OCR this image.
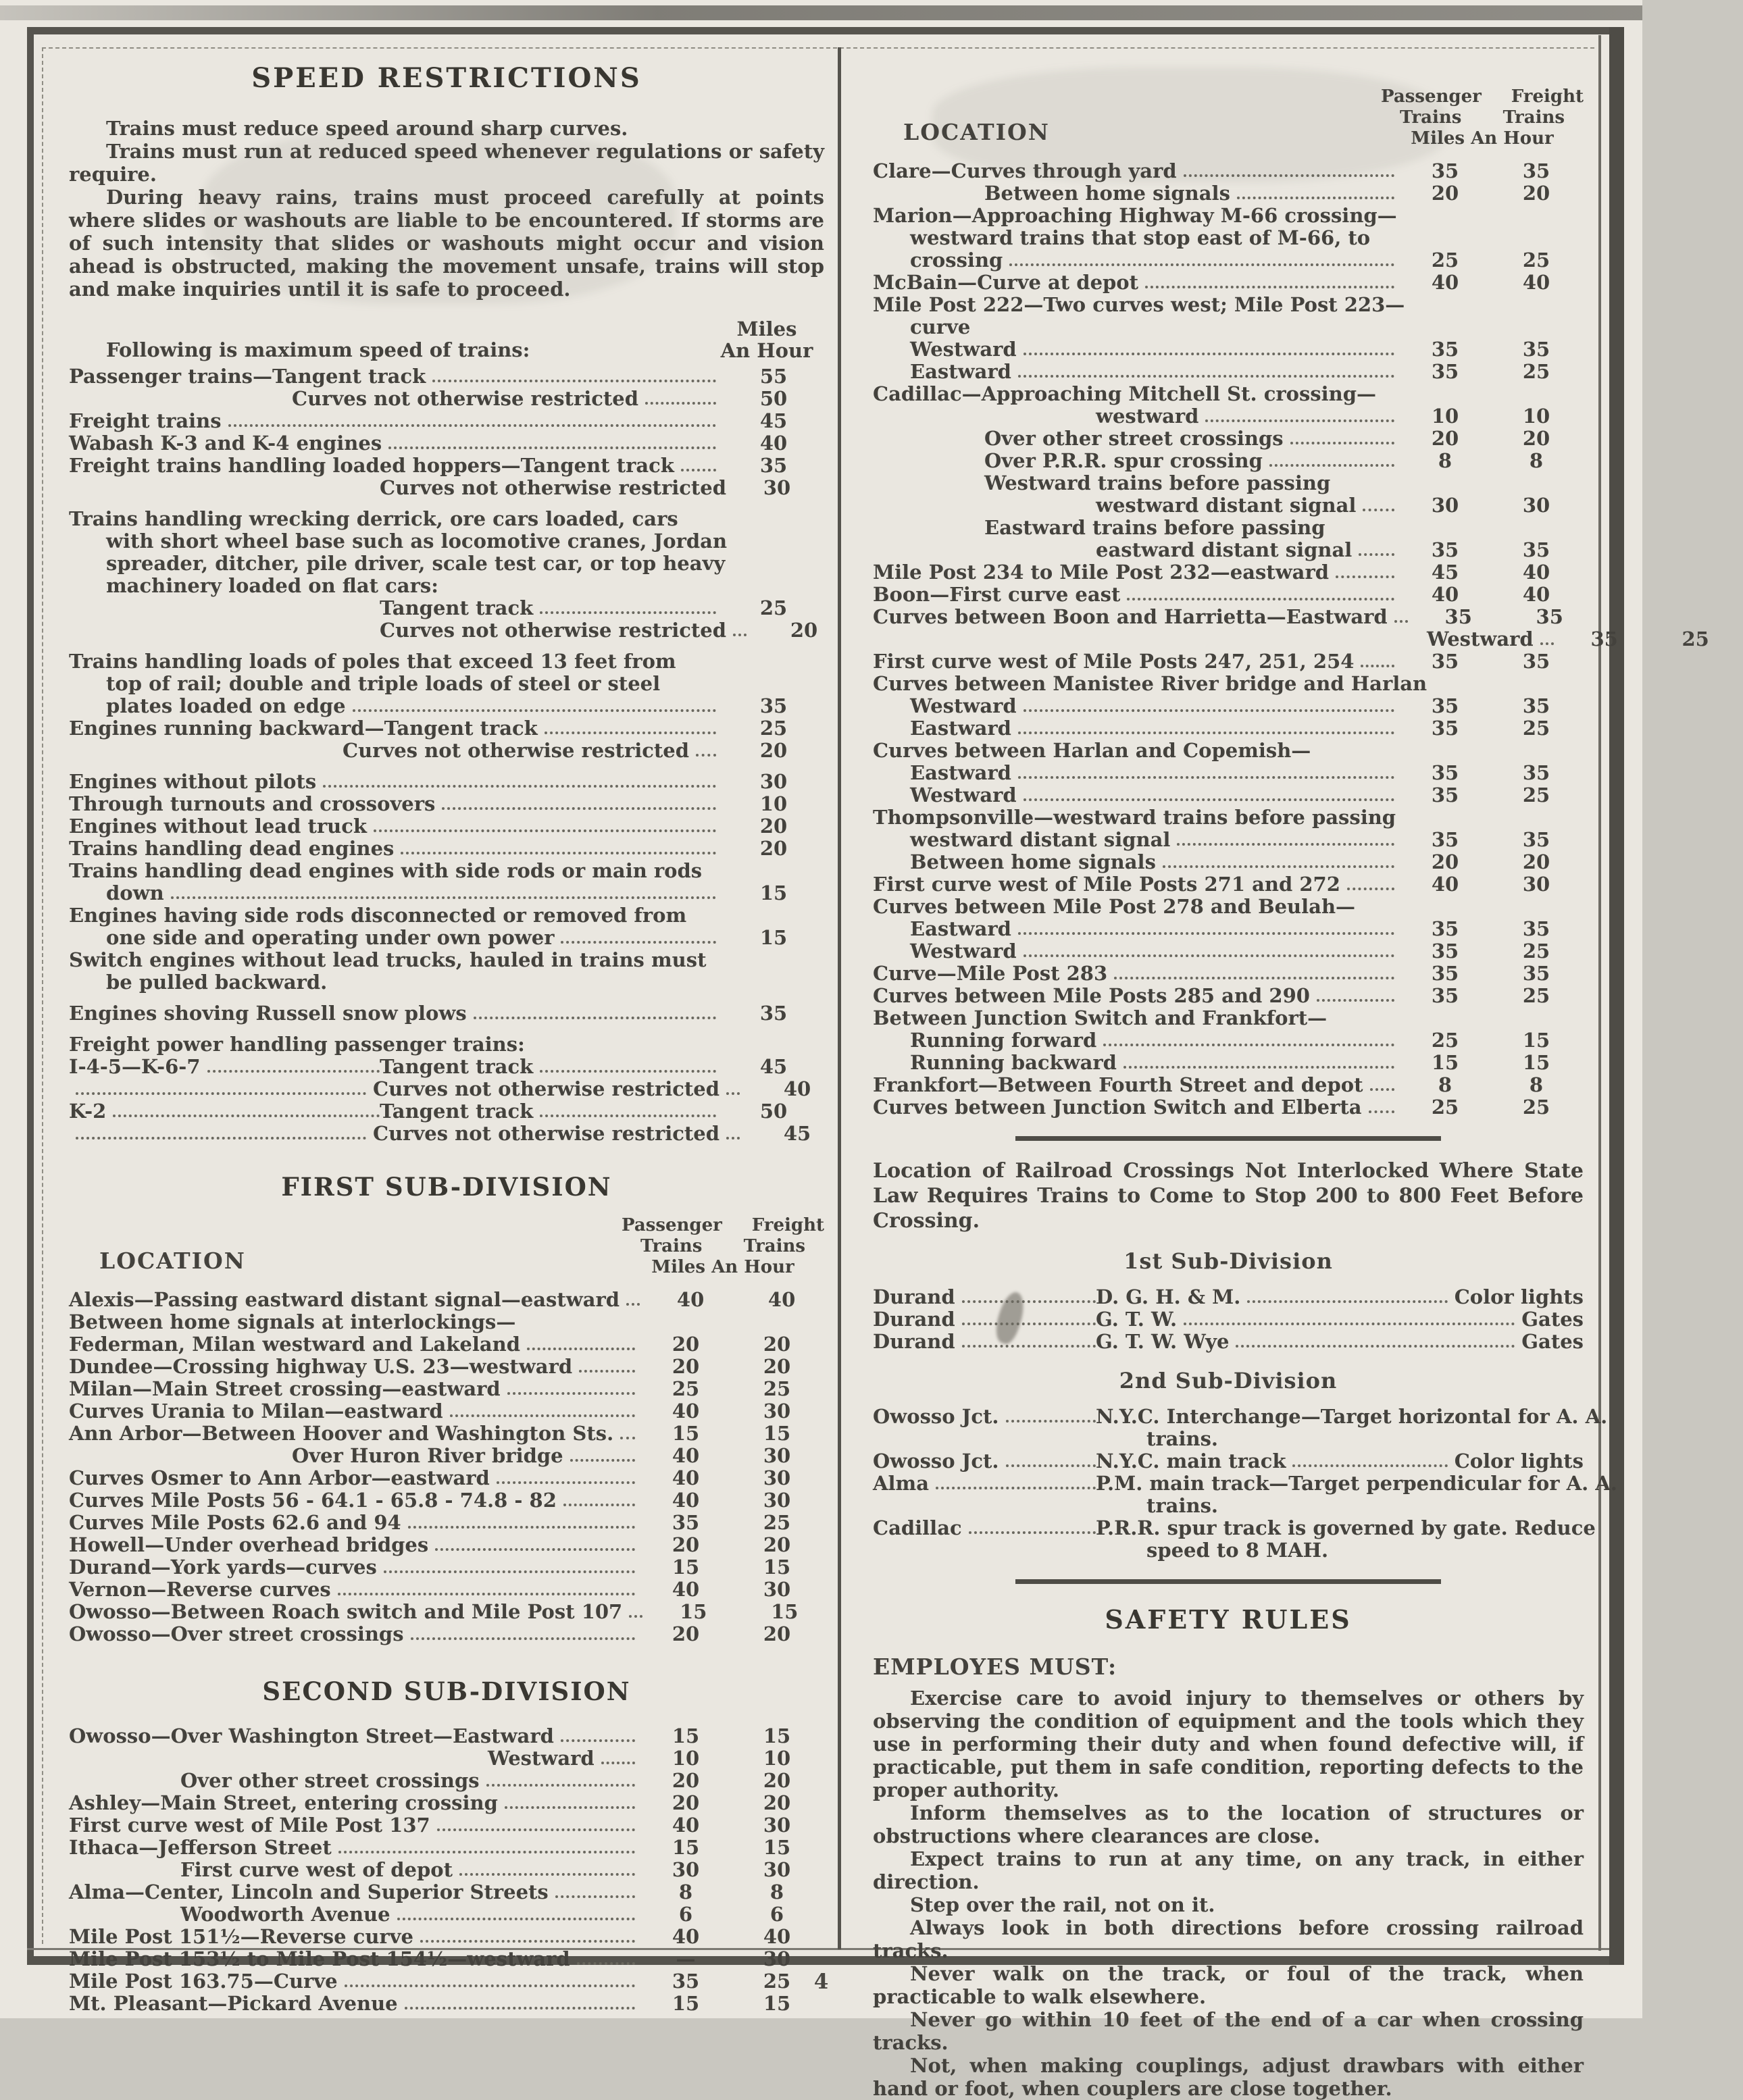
SPEED RESTRICTIONS

Trains must reduce speed around sharp curves.

Trains must run at reduced speed whenever regulations or safety require.

During heavy rains, trains must proceed carefully at points where slides or washouts are liable to be encountered. If storms are of such intensity that slides or washouts might occur and vision ahead is obstructed, making the movement unsafe, trains will stop and make inquiries until it is safe to proceed.

Following is maximum speed of trains:
Miles
An Hour
Passenger trains—Tangent track	55
Curves not otherwise restricted	50
Freight trains	45
Wabash K-3 and K-4 engines	40
Freight trains handling loaded hoppers—Tangent track	35
Curves not otherwise restricted	30
Trains handling wrecking derrick, ore cars loaded, cars
with short wheel base such as locomotive cranes, Jordan
spreader, ditcher, pile driver, scale test car, or top heavy
machinery loaded on flat cars:
Tangent track	25
Curves not otherwise restricted	20
Trains handling loads of poles that exceed 13 feet from
top of rail; double and triple loads of steel or steel
plates loaded on edge	35
Engines running backward—Tangent track	25
Curves not otherwise restricted	20
Engines without pilots	30
Through turnouts and crossovers	10
Engines without lead truck	20
Trains handling dead engines	20
Trains handling dead engines with side rods or main rods
down	15
Engines having side rods disconnected or removed from
one side and operating under own power	15
Switch engines without lead trucks, hauled in trains must
be pulled backward.
Engines shoving Russell snow plows	35
Freight power handling passenger trains:
I-4-5—K-6-7	Tangent track	45
Curves not otherwise restricted	40
K-2	Tangent track	50
Curves not otherwise restricted	45
FIRST SUB-DIVISION
LOCATION
Passenger Freight
Trains Trains
Miles An Hour
Alexis—Passing eastward distant signal—eastward	40	40
Between home signals at interlockings—
Federman, Milan westward and Lakeland	20	20
Dundee—Crossing highway U.S. 23—westward	20	20
Milan—Main Street crossing—eastward	25	25
Curves Urania to Milan—eastward	40	30
Ann Arbor—Between Hoover and Washington Sts.	15	15
Over Huron River bridge	40	30
Curves Osmer to Ann Arbor—eastward	40	30
Curves Mile Posts 56 - 64.1 - 65.8 - 74.8 - 82	40	30
Curves Mile Posts 62.6 and 94	35	25
Howell—Under overhead bridges	20	20
Durand—York yards—curves	15	15
Vernon—Reverse curves	40	30
Owosso—Between Roach switch and Mile Post 107	15	15
Owosso—Over street crossings	20	20
SECOND SUB-DIVISION
Owosso—Over Washington Street—Eastward	15	15
Westward	10	10
Over other street crossings	20	20
Ashley—Main Street, entering crossing	20	20
First curve west of Mile Post 137	40	30
Ithaca—Jefferson Street	15	15
First curve west of depot	30	30
Alma—Center, Lincoln and Superior Streets	8	8
Woodworth Avenue	6	6
Mile Post 151½—Reverse curve	40	40
Mile Post 153½ to Mile Post 154½—westward	—	30
Mile Post 163.75—Curve	35	25
Mt. Pleasant—Pickard Avenue	15	15
LOCATION
Passenger Freight
Trains Trains
Miles An Hour
Clare—Curves through yard	35	35
Between home signals	20	20
Marion—Approaching Highway M-66 crossing—
westward trains that stop east of M-66, to
crossing	25	25
McBain—Curve at depot	40	40
Mile Post 222—Two curves west; Mile Post 223—
curve
Westward	35	35
Eastward	35	25
Cadillac—Approaching Mitchell St. crossing—
westward	10	10
Over other street crossings	20	20
Over P.R.R. spur crossing	8	8
Westward trains before passing
westward distant signal	30	30
Eastward trains before passing
eastward distant signal	35	35
Mile Post 234 to Mile Post 232—eastward	45	40
Boon—First curve east	40	40
Curves between Boon and Harrietta—Eastward	35	35
Westward	35	25
First curve west of Mile Posts 247, 251, 254	35	35
Curves between Manistee River bridge and Harlan
Westward	35	35
Eastward	35	25
Curves between Harlan and Copemish—
Eastward	35	35
Westward	35	25
Thompsonville—westward trains before passing
westward distant signal	35	35
Between home signals	20	20
First curve west of Mile Posts 271 and 272	40	30
Curves between Mile Post 278 and Beulah—
Eastward	35	35
Westward	35	25
Curve—Mile Post 283	35	35
Curves between Mile Posts 285 and 290	35	25
Between Junction Switch and Frankfort—
Running forward	25	15
Running backward	15	15
Frankfort—Between Fourth Street and depot	8	8
Curves between Junction Switch and Elberta	25	25

Location of Railroad Crossings Not Interlocked Where State Law Requires Trains to Come to Stop 200 to 800 Feet Before Crossing.

1st Sub-Division
Durand	D. G. H. & M.	Color lights
Durand	G. T. W.	Gates
Durand	G. T. W. Wye	Gates
2nd Sub-Division
Owosso Jct.	N.Y.C. Interchange—Target horizontal for A. A.
trains.
Owosso Jct.	N.Y.C. main track	Color lights
Alma	P.M. main track—Target perpendicular for A. A.
trains.
Cadillac	P.R.R. spur track is governed by gate. Reduce
speed to 8 MAH.
SAFETY RULES
EMPLOYES MUST:

Exercise care to avoid injury to themselves or others by observing the condition of equipment and the tools which they use in performing their duty and when found defective will, if practicable, put them in safe condition, reporting defects to the proper authority.

Inform themselves as to the location of structures or obstructions where clearances are close.

Expect trains to run at any time, on any track, in either direction.

Step over the rail, not on it.

Always look in both directions before crossing railroad tracks.

Never walk on the track, or foul of the track, when practicable to walk elsewhere.

Never go within 10 feet of the end of a car when crossing tracks.

Not, when making couplings, adjust drawbars with either hand or foot, when couplers are close together.

4
